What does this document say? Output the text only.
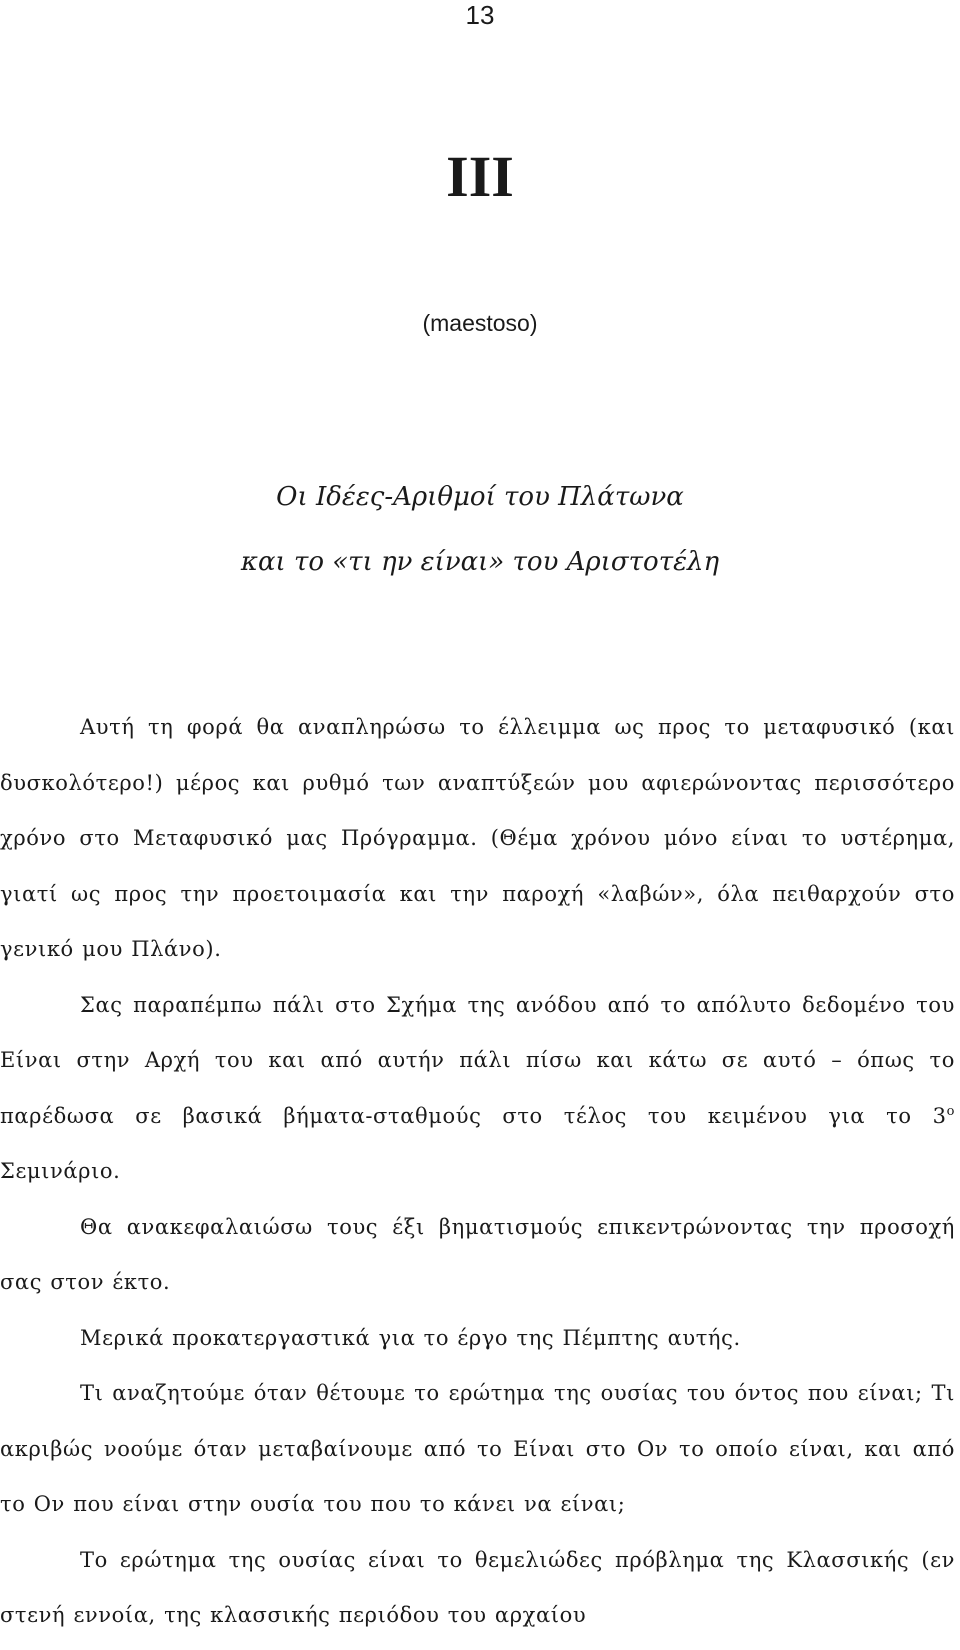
13
III
(maestoso)
Οι Ιδέες-Αριθμοί του Πλάτωνα
και το «τι ην είναι» του Αριστοτέλη

Αυτή τη φορά θα αναπληρώσω το έλλειμμα ως προς το μεταφυσικό (και δυσκολότερο!) μέρος και ρυθμό των αναπτύξεών μου αφιερώνοντας περισσότερο χρόνο στο Μεταφυσικό μας Πρόγραμμα. (Θέμα χρόνου μόνο είναι το υστέρημα, γιατί ως προς την προετοιμασία και την παροχή «λαβών», όλα πειθαρχούν στο γενικό μου Πλάνο).

Σας παραπέμπω πάλι στο Σχήμα της ανόδου από το απόλυτο δεδομένο του Είναι στην Αρχή του και από αυτήν πάλι πίσω και κάτω σε αυτό – όπως το παρέδωσα σε βασικά βήματα-σταθμούς στο τέλος του κειμένου για το $3^o$ Σεμινάριο.

Θα ανακεφαλαιώσω τους έξι βηματισμούς επικεντρώνοντας την προσοχή σας στον έκτο.

Μερικά προκατεργαστικά για το έργο της Πέμπτης αυτής.

Τι αναζητούμε όταν θέτουμε το ερώτημα της ουσίας του όντος που είναι; Τι ακριβώς νοούμε όταν μεταβαίνουμε από το Είναι στο Ον το οποίο είναι, και από το Ον που είναι στην ουσία του που το κάνει να είναι;

Το ερώτημα της ουσίας είναι το θεμελιώδες πρόβλημα της Κλασσικής (εν στενή εννοία, της κλασσικής περιόδου του αρχαίου
